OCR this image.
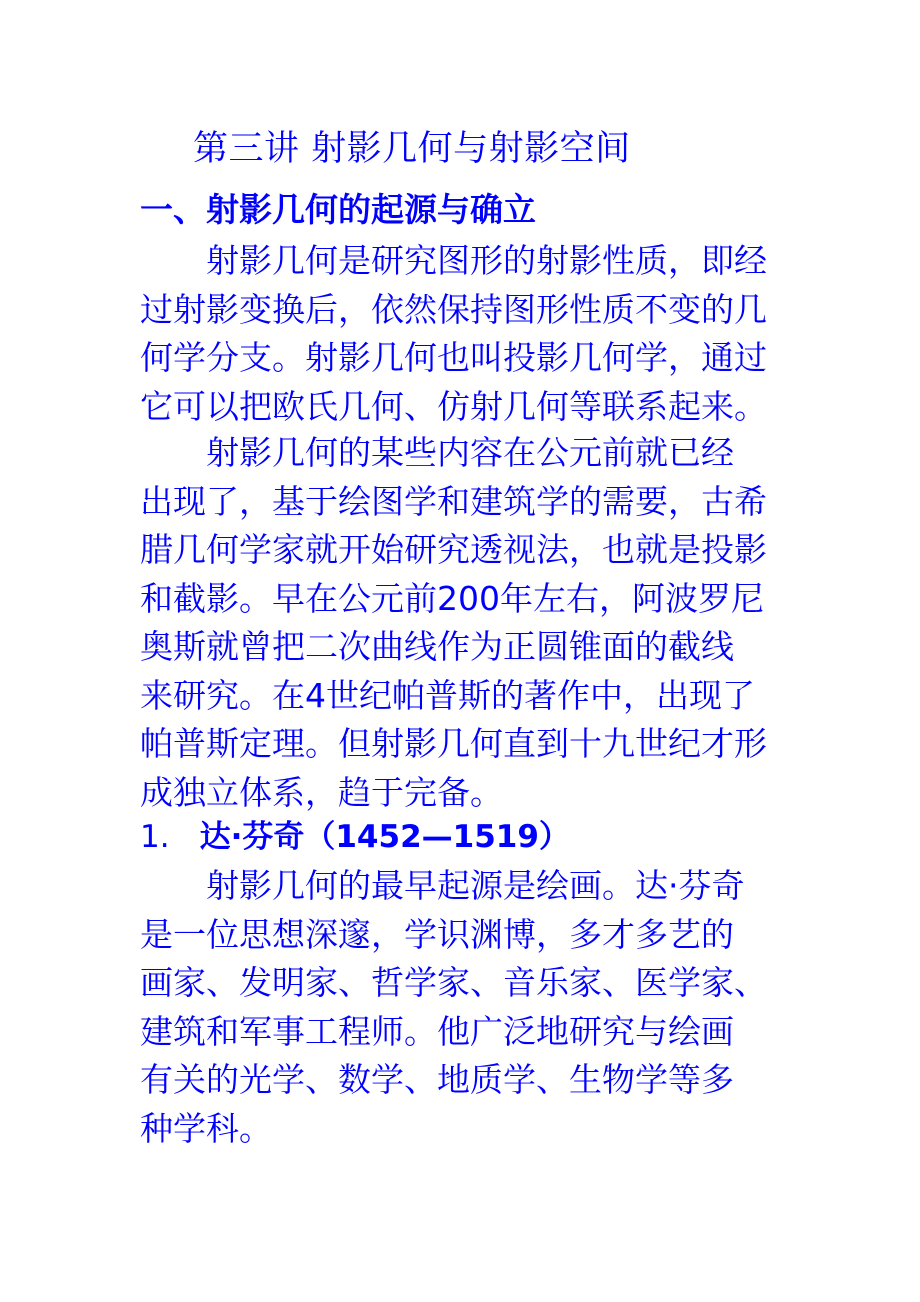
第三讲 射影几何与射影空间
一、射影几何的起源与确立
射影几何是研究图形的射影性质，即经
过射影变换后，依然保持图形性质不变的几
何学分支。射影几何也叫投影几何学，通过
它可以把欧氏几何、仿射几何等联系起来。
射影几何的某些内容在公元前就已经
出现了，基于绘图学和建筑学的需要，古希
腊几何学家就开始研究透视法，也就是投影
和截影。早在公元前200年左右，阿波罗尼
奥斯就曾把二次曲线作为正圆锥面的截线
来研究。在4世纪帕普斯的著作中，出现了
帕普斯定理。但射影几何直到十九世纪才形
成独立体系，趋于完备。
1. 达·芬奇（1452—1519）
射影几何的最早起源是绘画。达·芬奇
是一位思想深邃，学识渊博，多才多艺的
画家、发明家、哲学家、音乐家、医学家、
建筑和军事工程师。他广泛地研究与绘画
有关的光学、数学、地质学、生物学等多
种学科。
